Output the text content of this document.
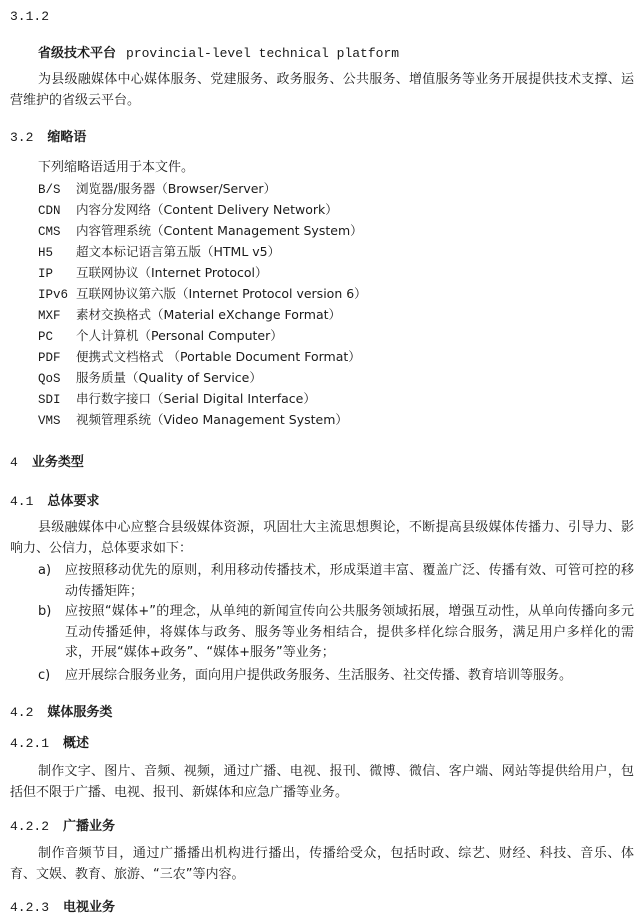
3.1.2
省级技术平台 provincial-level technical platform
为县级融媒体中心媒体服务、党建服务、政务服务、公共服务、增值服务等业务开展提供技术支撑、运营维护的省级云平台。
3.2 缩略语
下列缩略语适用于本文件。
B/S 浏览器/服务器（Browser/Server）
CDN 内容分发网络（Content Delivery Network）
CMS 内容管理系统（Content Management System）
H5 超文本标记语言第五版（HTML v5）
IP 互联网协议（Internet Protocol）
IPv6 互联网协议第六版（Internet Protocol version 6）
MXF 素材交换格式（Material eXchange Format）
PC 个人计算机（Personal Computer）
PDF 便携式文档格式 （Portable Document Format）
QoS 服务质量（Quality of Service）
SDI 串行数字接口（Serial Digital Interface）
VMS 视频管理系统（Video Management System）
4 业务类型
4.1 总体要求
县级融媒体中心应整合县级媒体资源，巩固壮大主流思想舆论，不断提高县级媒体传播力、引导力、影响力、公信力，总体要求如下：
a) 应按照移动优先的原则，利用移动传播技术，形成渠道丰富、覆盖广泛、传播有效、可管可控的移动传播矩阵；
b) 应按照“媒体+”的理念，从单纯的新闻宣传向公共服务领域拓展，增强互动性，从单向传播向多元互动传播延伸，将媒体与政务、服务等业务相结合，提供多样化综合服务，满足用户多样化的需求，开展“媒体+政务”、“媒体+服务”等业务；
c) 应开展综合服务业务，面向用户提供政务服务、生活服务、社交传播、教育培训等服务。
4.2 媒体服务类
4.2.1 概述
制作文字、图片、音频、视频，通过广播、电视、报刊、微博、微信、客户端、网站等提供给用户，包括但不限于广播、电视、报刊、新媒体和应急广播等业务。
4.2.2 广播业务
制作音频节目，通过广播播出机构进行播出，传播给受众，包括时政、综艺、财经、科技、音乐、体育、文娱、教育、旅游、“三农”等内容。
4.2.3 电视业务
